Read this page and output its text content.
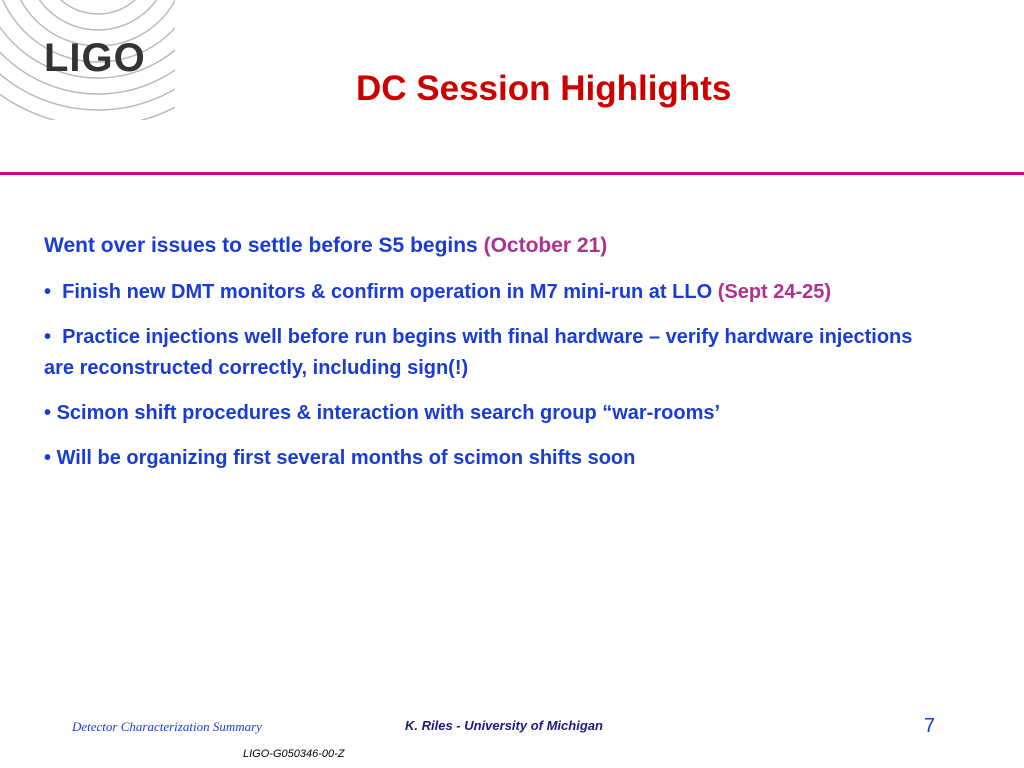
LIGO
DC Session Highlights

Went over issues to settle before S5 begins (October 21)

• Finish new DMT monitors & confirm operation in M7 mini-run at LLO (Sept 24-25)

• Practice injections well before run begins with final hardware – verify hardware injections are reconstructed correctly, including sign(!)

• Scimon shift procedures & interaction with search group “war-rooms’

• Will be organizing first several months of scimon shifts soon

Detector Characterization Summary	K. Riles - University of Michigan	7
LIGO-G050346-00-Z
